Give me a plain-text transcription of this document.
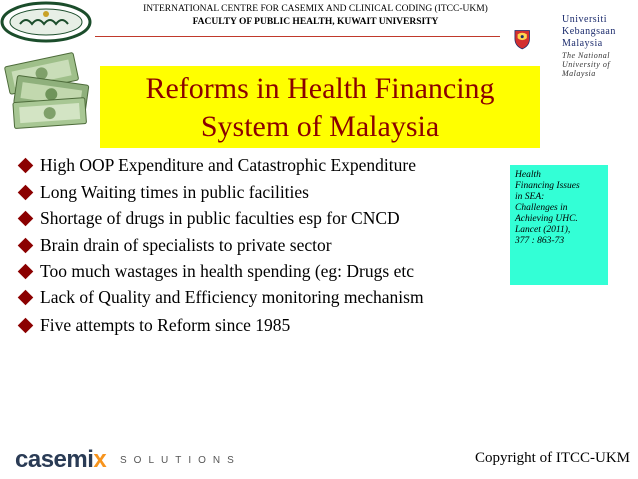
INTERNATIONAL CENTRE FOR CASEMIX AND CLINICAL CODING (ITCC-UKM)
FACULTY OF PUBLIC HEALTH, KUWAIT UNIVERSITY	Universiti
Kebangsaan
Malaysia
The National University of Malaysia
Reforms in Health Financing
System of Malaysia
High OOP Expenditure and Catastrophic Expenditure
Long Waiting times in public facilities
Shortage of drugs in public faculties esp for CNCD
Brain drain of specialists to private sector
Too much wastages in health spending (eg: Drugs etc
Lack of Quality and Efficiency monitoring mechanism
Five attempts to Reform since 1985
Health
Financing Issues
in SEA:
Challenges in
Achieving UHC.
Lancet (2011),
377 : 863-73
casemix SOLUTIONS	Copyright of ITCC-UKM
